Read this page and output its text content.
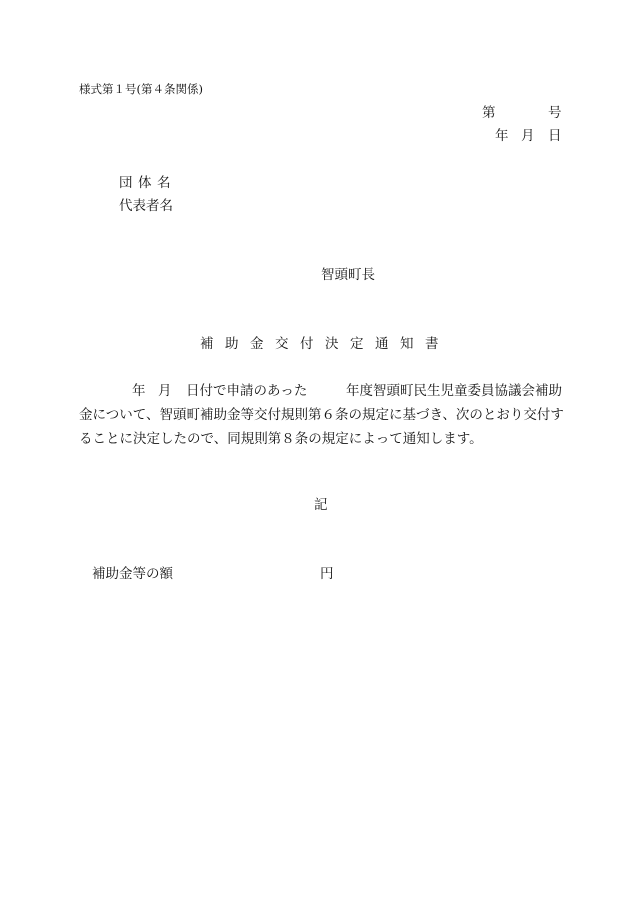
様式第１号(第４条関係)
第	号
年 月 日
団 体 名
代表者名
智頭町長
補 助 金 交 付 決 定 通 知 書
年 月 日付で申請のあった	年度智頭町民生児童委員協議会補助
金について、智頭町補助金等交付規則第６条の規定に基づき、次のとおり交付す
ることに決定したので、同規則第８条の規定によって通知します。
記
補助金等の額	円
